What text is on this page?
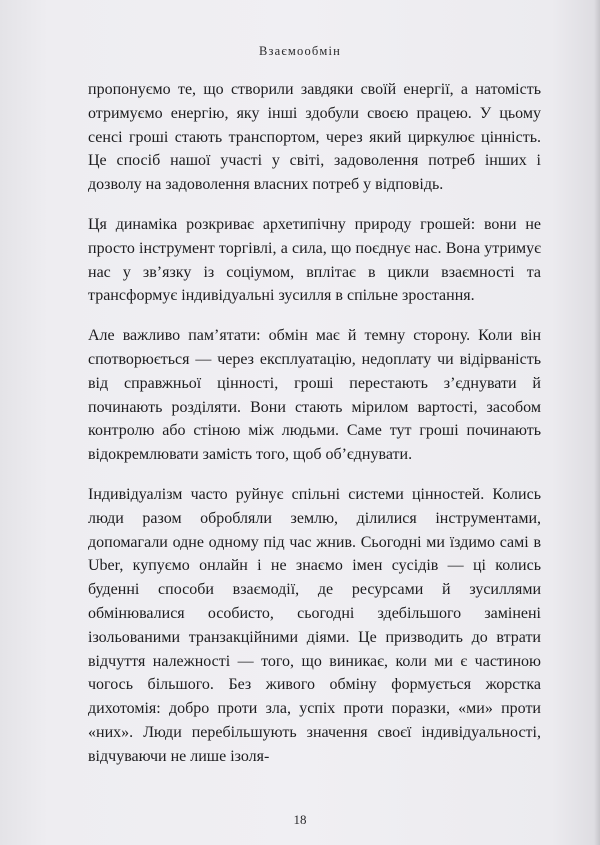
Взаємообмін

пропонуємо те, що створили завдяки своїй енергії, а натомість отримуємо енергію, яку інші здобули своєю працею. У цьому сенсі гроші стають транспортом, через який циркулює цінність. Це спосіб нашої участі у світі, задоволення потреб інших і дозволу на задоволення власних потреб у відповідь.

Ця динаміка розкриває архетипічну природу грошей: вони не просто інструмент торгівлі, а сила, що поєднує нас. Вона утримує нас у зв’язку із соціумом, вплітає в цикли взаємності та трансформує індивідуальні зусилля в спільне зростання.

Але важливо пам’ятати: обмін має й темну сторону. Коли він спотворюється — через експлуатацію, недоплату чи відірваність від справжньої цінності, гроші перестають з’єднувати й починають розділяти. Вони стають мірилом вартості, засобом контролю або стіною між людьми. Саме тут гроші починають відокремлювати замість того, щоб об’єднувати.

Індивідуалізм часто руйнує спільні системи цінностей. Колись люди разом обробляли землю, ділилися інструментами, допомагали одне одному під час жнив. Сьогодні ми їздимо самі в Uber, купуємо онлайн і не знаємо імен сусідів — ці колись буденні способи взаємодії, де ресурсами й зусиллями обмінювалися особисто, сьогодні здебільшого замінені ізольованими транзакційними діями. Це призводить до втрати відчуття належності — того, що виникає, коли ми є частиною чогось більшого. Без живого обміну формується жорстка дихотомія: добро проти зла, успіх проти поразки, «ми» проти «них». Люди перебільшують значення своєї індивідуальності, відчуваючи не лише ізоля-

18
